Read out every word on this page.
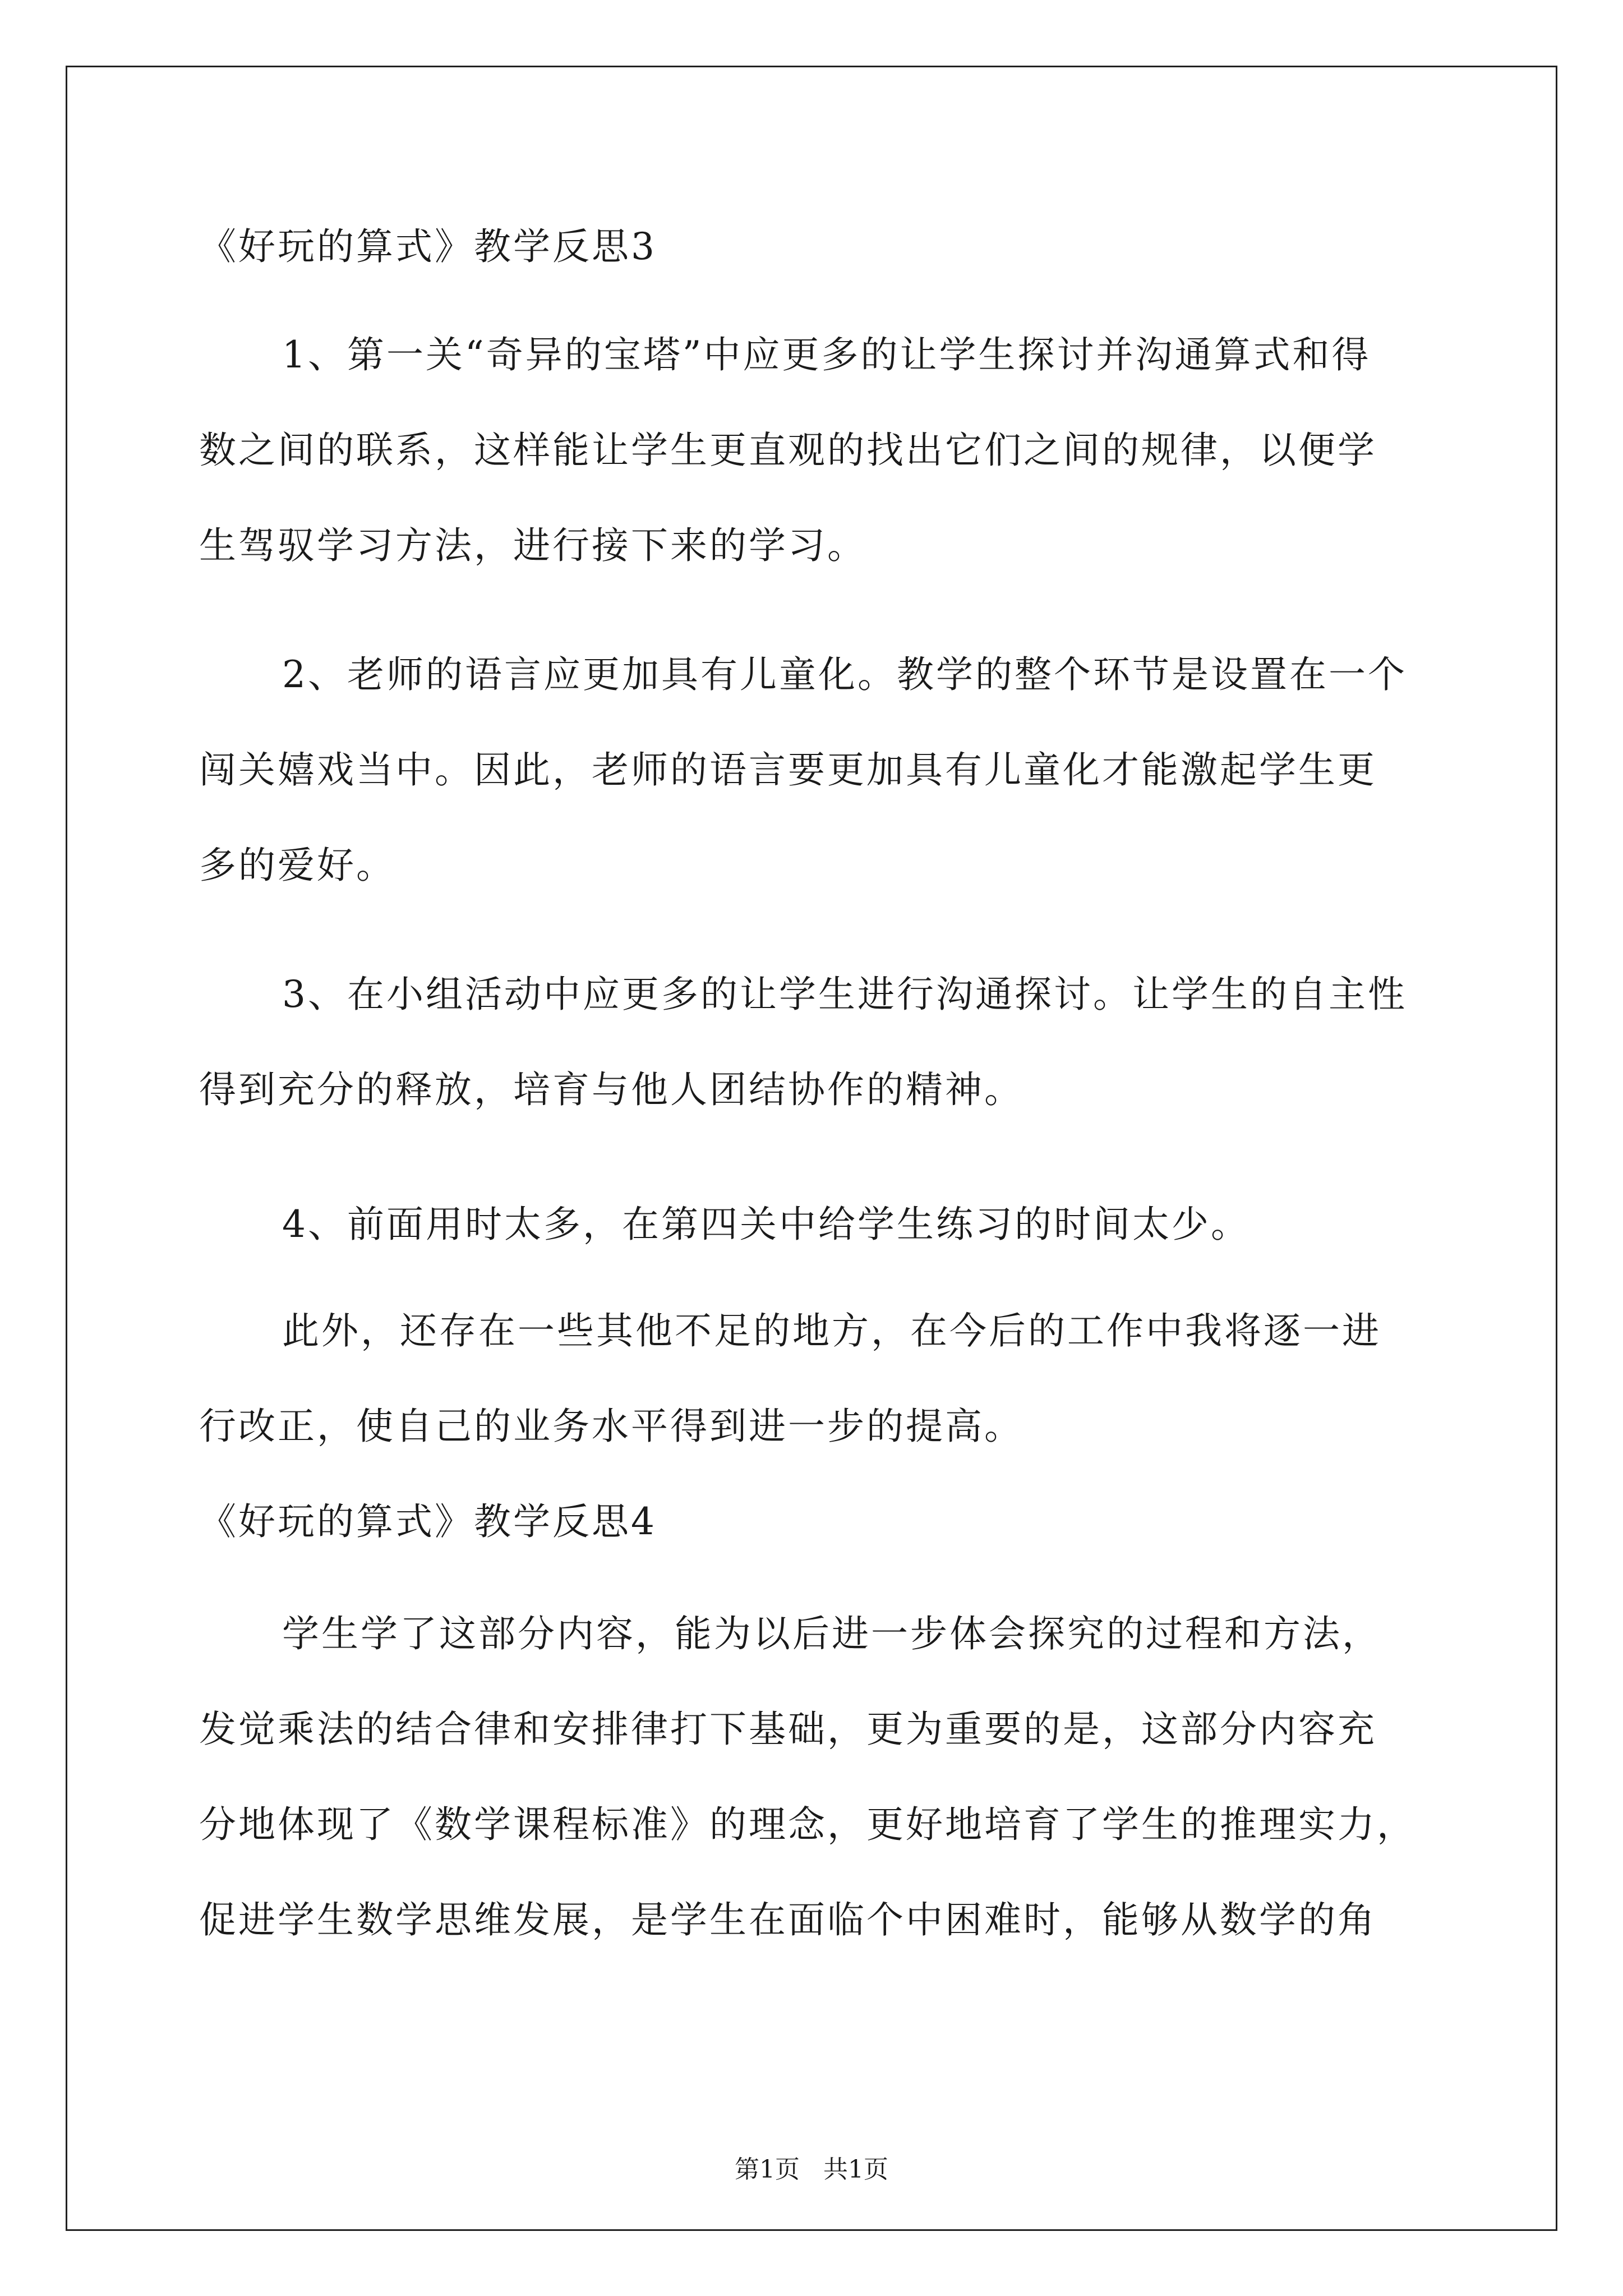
《好玩的算式》教学反思3
1、第一关“奇异的宝塔”中应更多的让学生探讨并沟通算式和得
数之间的联系，这样能让学生更直观的找出它们之间的规律，以便学
生驾驭学习方法，进行接下来的学习。
2、老师的语言应更加具有儿童化。教学的整个环节是设置在一个
闯关嬉戏当中。因此，老师的语言要更加具有儿童化才能激起学生更
多的爱好。
3、在小组活动中应更多的让学生进行沟通探讨。让学生的自主性
得到充分的释放，培育与他人团结协作的精神。
4、前面用时太多，在第四关中给学生练习的时间太少。
此外，还存在一些其他不足的地方，在今后的工作中我将逐一进
行改正，使自己的业务水平得到进一步的提高。
《好玩的算式》教学反思4
学生学了这部分内容，能为以后进一步体会探究的过程和方法，
发觉乘法的结合律和安排律打下基础，更为重要的是，这部分内容充
分地体现了《数学课程标准》的理念，更好地培育了学生的推理实力，
促进学生数学思维发展，是学生在面临个中困难时，能够从数学的角
第1页   共1页
